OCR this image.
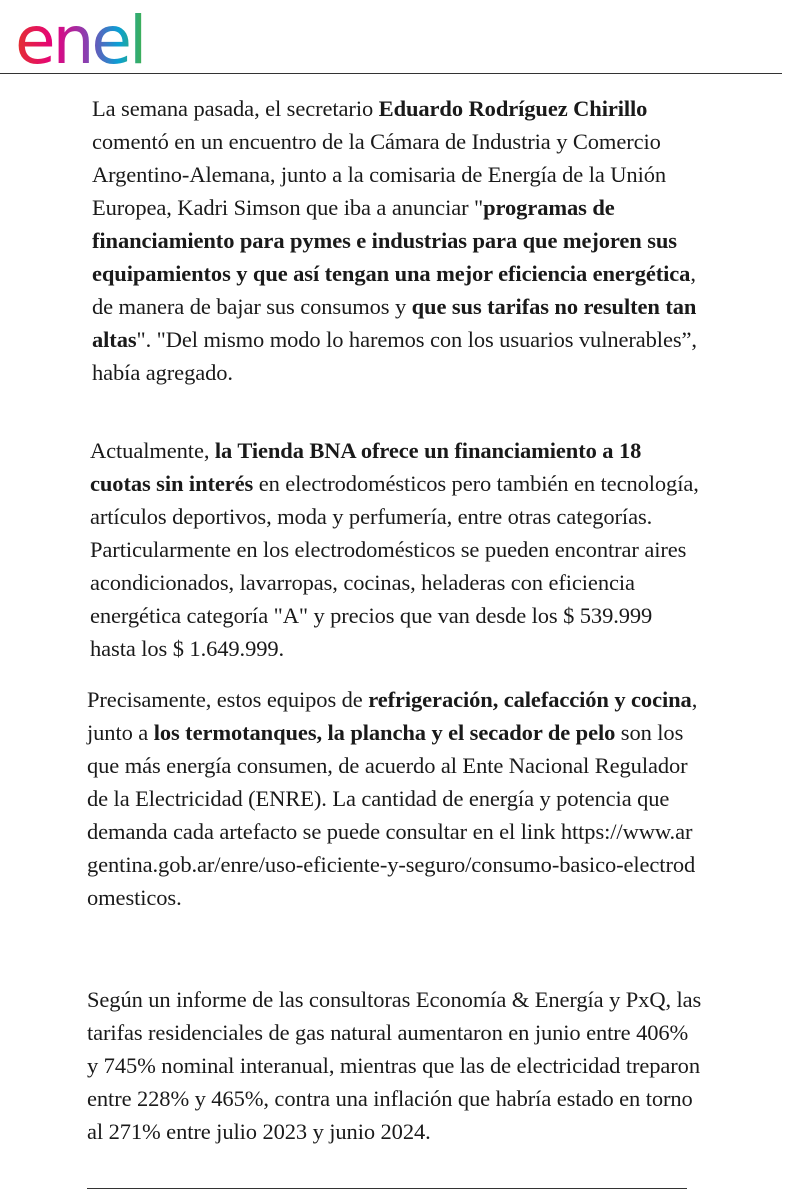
enel

La semana pasada, el secretario Eduardo Rodríguez Chirillo comentó en un encuentro de la Cámara de Industria y Comercio Argentino-Alemana, junto a la comisaria de Energía de la Unión Europea, Kadri Simson que iba a anunciar "programas de financiamiento para pymes e industrias para que mejoren sus equipamientos y que así tengan una mejor eficiencia energética, de manera de bajar sus consumos y que sus tarifas no resulten tan altas". "Del mismo modo lo haremos con los usuarios vulnerables”, había agregado.

Actualmente, la Tienda BNA ofrece un financiamiento a 18 cuotas sin interés en electrodomésticos pero también en tecnología, artículos deportivos, moda y perfumería, entre otras categorías. Particularmente en los electrodomésticos se pueden encontrar aires acondicionados, lavarropas, cocinas, heladeras con eficiencia energética categoría "A" y precios que van desde los $ 539.999 hasta los $ 1.649.999.

Precisamente, estos equipos de refrigeración, calefacción y cocina, junto a los termotanques, la plancha y el secador de pelo son los que más energía consumen, de acuerdo al Ente Nacional Regulador de la Electricidad (ENRE). La cantidad de energía y potencia que demanda cada artefacto se puede consultar en el link https://www.argentina.gob.ar/enre/uso-eficiente-y-seguro/consumo-basico-electrodomesticos.

Según un informe de las consultoras Economía & Energía y PxQ, las tarifas residenciales de gas natural aumentaron en junio entre 406% y 745% nominal interanual, mientras que las de electricidad treparon entre 228% y 465%, contra una inflación que habría estado en torno al 271% entre julio 2023 y junio 2024.
